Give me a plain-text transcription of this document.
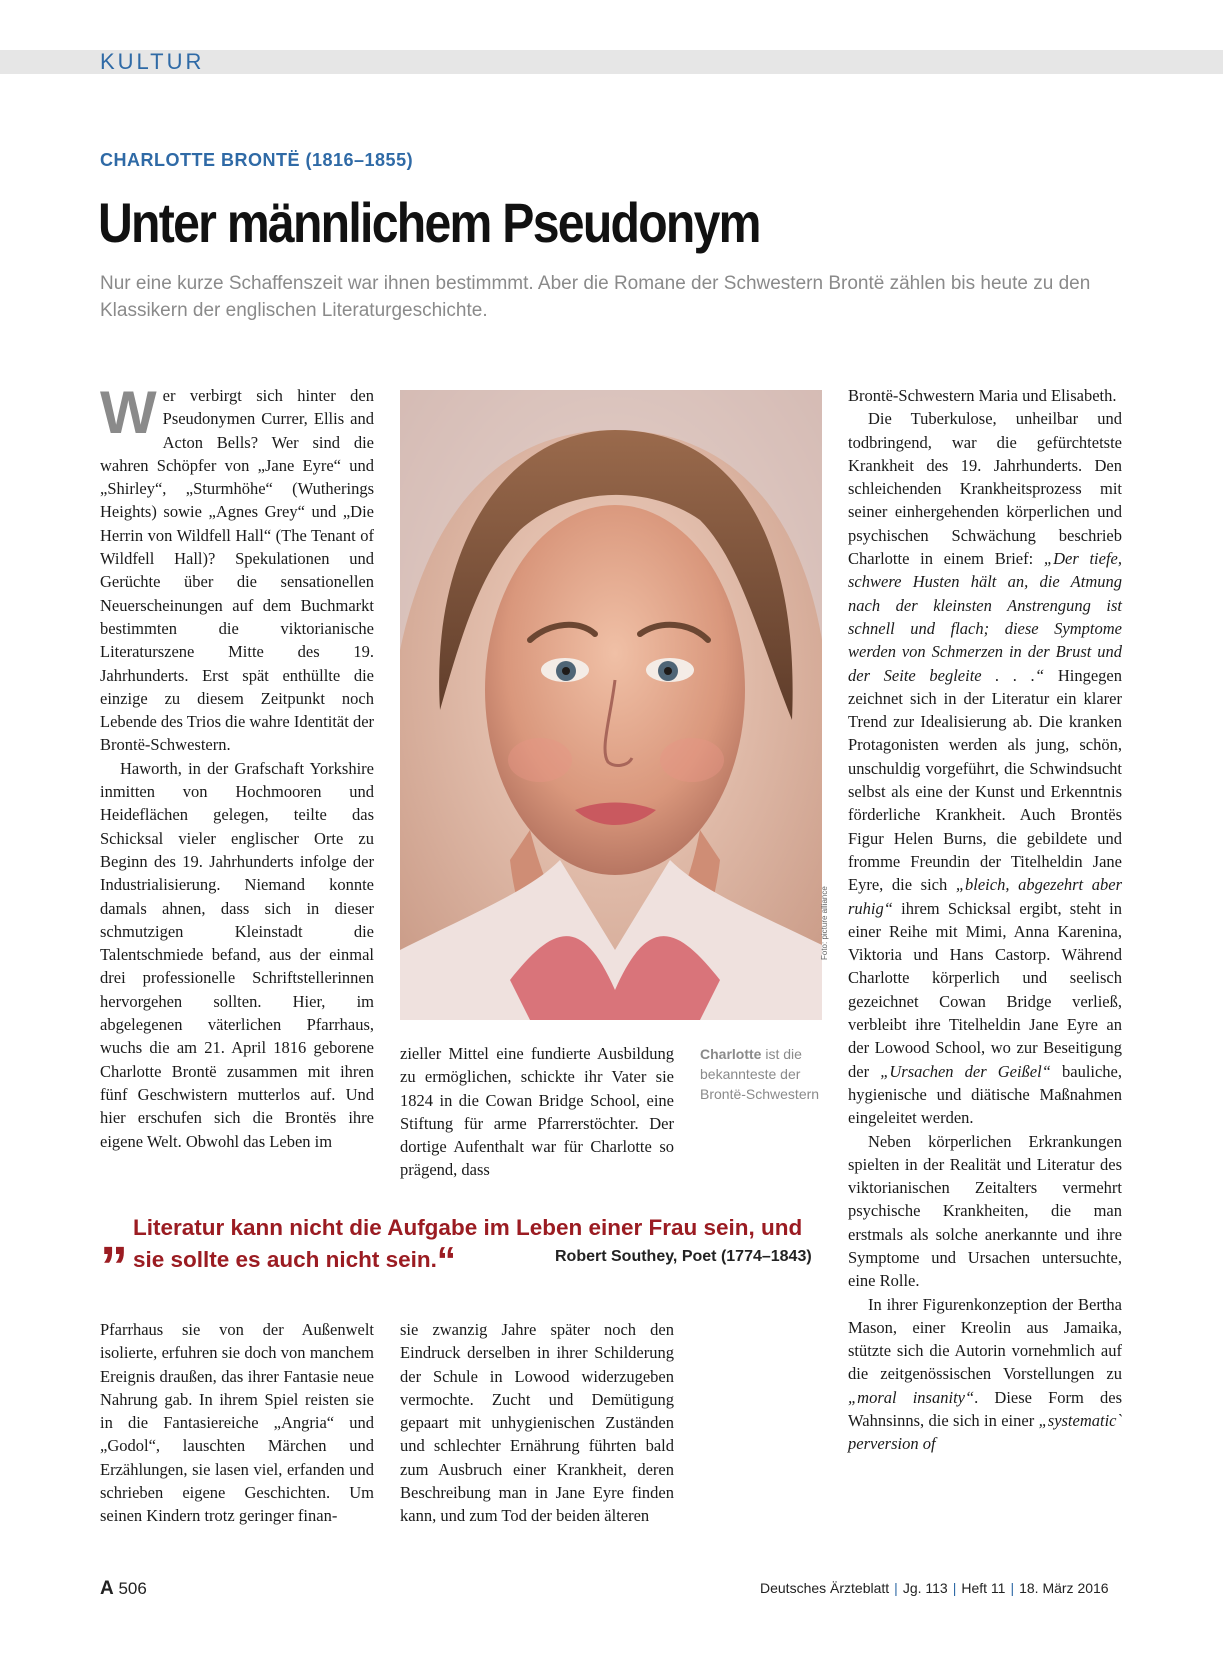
KULTUR
CHARLOTTE BRONTË (1816–1855)
Unter männlichem Pseudonym
Nur eine kurze Schaffenszeit war ihnen bestimmmt. Aber die Romane der Schwestern Brontë zählen bis heute zu den Klassikern der englischen Literaturgeschichte.

Wer verbirgt sich hinter den Pseudonymen Currer, Ellis and Acton Bells? Wer sind die wahren Schöpfer von „Jane Eyre“ und „Shirley“, „Sturmhöhe“ (Wutherings Heights) sowie „Agnes Grey“ und „Die Herrin von Wildfell Hall“ (The Tenant of Wildfell Hall)? Spekulationen und Gerüchte über die sensationellen Neuerscheinungen auf dem Buchmarkt bestimmten die viktorianische Literaturszene Mitte des 19. Jahrhunderts. Erst spät enthüllte die einzige zu diesem Zeitpunkt noch Lebende des Trios die wahre Identität der Brontë-Schwestern.

Haworth, in der Grafschaft Yorkshire inmitten von Hochmooren und Heideflächen gelegen, teilte das Schicksal vieler englischer Orte zu Beginn des 19. Jahrhunderts infolge der Industrialisierung. Niemand konnte damals ahnen, dass sich in dieser schmutzigen Kleinstadt die Talentschmiede befand, aus der einmal drei professionelle Schriftstellerinnen hervorgehen sollten. Hier, im abgelegenen väterlichen Pfarrhaus, wuchs die am 21. April 1816 geborene Charlotte Brontë zusammen mit ihren fünf Geschwistern mutterlos auf. Und hier erschufen sich die Brontës ihre eigene Welt. Obwohl das Leben im

Foto: picture alliance

zieller Mittel eine fundierte Ausbildung zu ermöglichen, schickte ihr Vater sie 1824 in die Cowan Bridge School, eine Stiftung für arme Pfarrerstöchter. Der dortige Aufenthalt war für Charlotte so prägend, dass

Charlotte ist die bekannteste der Brontë-Schwestern

Brontë-Schwestern Maria und Elisabeth.

Die Tuberkulose, unheilbar und todbringend, war die gefürchtetste Krankheit des 19. Jahrhunderts. Den schleichenden Krankheitsprozess mit seiner einhergehenden körperlichen und psychischen Schwächung beschrieb Charlotte in einem Brief: „Der tiefe, schwere Husten hält an, die Atmung nach der kleinsten Anstrengung ist schnell und flach; diese Symptome werden von Schmerzen in der Brust und der Seite begleite . . .“ Hingegen zeichnet sich in der Literatur ein klarer Trend zur Idealisierung ab. Die kranken Protagonisten werden als jung, schön, unschuldig vorgeführt, die Schwindsucht selbst als eine der Kunst und Erkenntnis förderliche Krankheit. Auch Brontës Figur Helen Burns, die gebildete und fromme Freundin der Titelheldin Jane Eyre, die sich „bleich, abgezehrt aber ruhig“ ihrem Schicksal ergibt, steht in einer Reihe mit Mimi, Anna Karenina, Viktoria und Hans Castorp. Während Charlotte körperlich und seelisch gezeichnet Cowan Bridge verließ, verbleibt ihre Titelheldin Jane Eyre an der Lowood School, wo zur Beseitigung der „Ursachen der Geißel“ bauliche, hygienische und diätische Maßnahmen eingeleitet werden.

Neben körperlichen Erkrankungen spielten in der Realität und Literatur des viktorianischen Zeitalters vermehrt psychische Krankheiten, die man erstmals als solche anerkannte und ihre Symptome und Ursachen untersuchte, eine Rolle.

In ihrer Figurenkonzeption der Bertha Mason, einer Kreolin aus Jamaika, stützte sich die Autorin vornehmlich auf die zeitgenössischen Vorstellungen zu „moral insanity“. Diese Form des Wahnsinns, die sich in einer „systematic` perversion of

„ Literatur kann nicht die Aufgabe im Leben einer Frau sein, und sie sollte es auch nicht sein.“	Robert Southey, Poet (1774–1843)

Pfarrhaus sie von der Außenwelt isolierte, erfuhren sie doch von manchem Ereignis draußen, das ihrer Fantasie neue Nahrung gab. In ihrem Spiel reisten sie in die Fantasiereiche „Angria“ und „Godol“, lauschten Märchen und Erzählungen, sie lasen viel, erfanden und schrieben eigene Geschichten. Um seinen Kindern trotz geringer finan-

sie zwanzig Jahre später noch den Eindruck derselben in ihrer Schilderung der Schule in Lowood widerzugeben vermochte. Zucht und Demütigung gepaart mit unhygienischen Zuständen und schlechter Ernährung führten bald zum Ausbruch einer Krankheit, deren Beschreibung man in Jane Eyre finden kann, und zum Tod der beiden älteren

A 506	Deutsches Ärzteblatt | Jg. 113 | Heft 11 | 18. März 2016
